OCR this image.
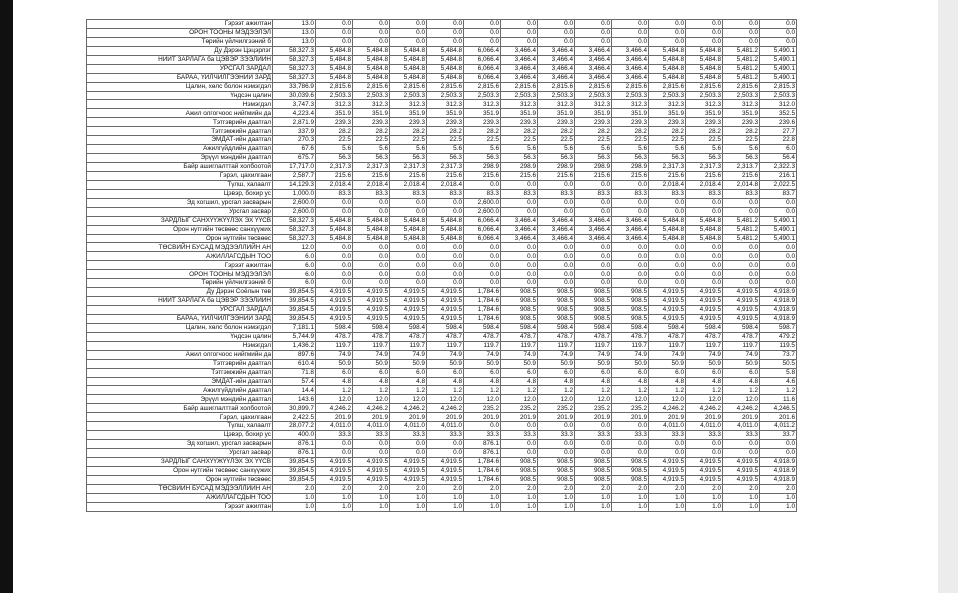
Гэрээт ажилтан	13.0	0.0	0.0	0.0	0.0	0.0	0.0	0.0	0.0	0.0	0.0	0.0	0.0	0.0
ОРОН ТООНЫ МЭДЭЭЛЭЛ	13.0	0.0	0.0	0.0	0.0	0.0	0.0	0.0	0.0	0.0	0.0	0.0	0.0	0.0
Төрийн үйлчилгээний б	13.0	0.0	0.0	0.0	0.0	0.0	0.0	0.0	0.0	0.0	0.0	0.0	0.0	0.0
Ду Дэрэн Цэцэрлэг	58,327.3	5,484.8	5,484.8	5,484.8	5,484.8	6,066.4	3,466.4	3,466.4	3,466.4	3,466.4	5,484.8	5,484.8	5,481.2	5,490.1
НИЙТ ЗАРЛАГА ба ЦЭВЭР ЗЭЭЛИЙН	58,327.3	5,484.8	5,484.8	5,484.8	5,484.8	6,066.4	3,466.4	3,466.4	3,466.4	3,466.4	5,484.8	5,484.8	5,481.2	5,490.1
УРСГАЛ ЗАРДАЛ	58,327.3	5,484.8	5,484.8	5,484.8	5,484.8	6,066.4	3,466.4	3,466.4	3,466.4	3,466.4	5,484.8	5,484.8	5,481.2	5,490.1
БАРАА, ҮЙЛЧИЛГЭЭНИЙ ЗАРД	58,327.3	5,484.8	5,484.8	5,484.8	5,484.8	6,066.4	3,466.4	3,466.4	3,466.4	3,466.4	5,484.8	5,484.8	5,481.2	5,490.1
Цалин, хөлс болон нэмэгдэл	33,786.9	2,815.6	2,815.6	2,815.6	2,815.6	2,815.6	2,815.6	2,815.6	2,815.6	2,815.6	2,815.6	2,815.6	2,815.6	2,815.3
Үндсэн цалин	30,039.6	2,503.3	2,503.3	2,503.3	2,503.3	2,503.3	2,503.3	2,503.3	2,503.3	2,503.3	2,503.3	2,503.3	2,503.3	2,503.3
Нэмэгдэл	3,747.3	312.3	312.3	312.3	312.3	312.3	312.3	312.3	312.3	312.3	312.3	312.3	312.3	312.0
Ажил олгогчоос нийгмийн да	4,223.4	351.9	351.9	351.9	351.9	351.9	351.9	351.9	351.9	351.9	351.9	351.9	351.9	352.5
Тэтгэврийн даатгал	2,871.9	239.3	239.3	239.3	239.3	239.3	239.3	239.3	239.3	239.3	239.3	239.3	239.3	239.6
Тэтгэмжийн даатгал	337.9	28.2	28.2	28.2	28.2	28.2	28.2	28.2	28.2	28.2	28.2	28.2	28.2	27.7
ЭМДАТ-ийн даатгал	270.3	22.5	22.5	22.5	22.5	22.5	22.5	22.5	22.5	22.5	22.5	22.5	22.5	22.8
Ажилгүйдлийн даатгал	67.6	5.6	5.6	5.6	5.6	5.6	5.6	5.6	5.6	5.6	5.6	5.6	5.6	6.0
Эрүүл мэндийн даатгал	675.7	56.3	56.3	56.3	56.3	56.3	56.3	56.3	56.3	56.3	56.3	56.3	56.3	56.4
Байр ашиглалттай холбоотой	17,717.0	2,317.3	2,317.3	2,317.3	2,317.3	298.9	298.9	298.9	298.9	298.9	2,317.3	2,317.3	2,313.7	2,322.3
Гэрэл, цахилгаан	2,587.7	215.6	215.6	215.6	215.6	215.6	215.6	215.6	215.6	215.6	215.6	215.6	215.6	216.1
Түлш, халаалт	14,129.3	2,018.4	2,018.4	2,018.4	2,018.4	0.0	0.0	0.0	0.0	0.0	2,018.4	2,018.4	2,014.8	2,022.5
Цэвэр, бохир ус	1,000.0	83.3	83.3	83.3	83.3	83.3	83.3	83.3	83.3	83.3	83.3	83.3	83.3	83.7
Эд хогшил, урсгал засварын	2,600.0	0.0	0.0	0.0	0.0	2,600.0	0.0	0.0	0.0	0.0	0.0	0.0	0.0	0.0
Урсгал засвар	2,600.0	0.0	0.0	0.0	0.0	2,600.0	0.0	0.0	0.0	0.0	0.0	0.0	0.0	0.0
ЗАРДЛЫГ САНХҮҮЖҮҮЛЭХ ЭХ ҮҮСВ	58,327.3	5,484.8	5,484.8	5,484.8	5,484.8	6,066.4	3,466.4	3,466.4	3,466.4	3,466.4	5,484.8	5,484.8	5,481.2	5,490.1
Орон нутгийн төсвөөс санхүүжих	58,327.3	5,484.8	5,484.8	5,484.8	5,484.8	6,066.4	3,466.4	3,466.4	3,466.4	3,466.4	5,484.8	5,484.8	5,481.2	5,490.1
Орон нутгийн төсвөөс	58,327.3	5,484.8	5,484.8	5,484.8	5,484.8	6,066.4	3,466.4	3,466.4	3,466.4	3,466.4	5,484.8	5,484.8	5,481.2	5,490.1
ТӨСВИЙН БУСАД МЭДЭЭЛЛИЙН АН	12.0	0.0	0.0	0.0	0.0	0.0	0.0	0.0	0.0	0.0	0.0	0.0	0.0	0.0
АЖИЛЛАГСДЫН ТОО	6.0	0.0	0.0	0.0	0.0	0.0	0.0	0.0	0.0	0.0	0.0	0.0	0.0	0.0
Гэрээт ажилтан	6.0	0.0	0.0	0.0	0.0	0.0	0.0	0.0	0.0	0.0	0.0	0.0	0.0	0.0
ОРОН ТООНЫ МЭДЭЭЛЭЛ	6.0	0.0	0.0	0.0	0.0	0.0	0.0	0.0	0.0	0.0	0.0	0.0	0.0	0.0
Төрийн үйлчилгээний б	6.0	0.0	0.0	0.0	0.0	0.0	0.0	0.0	0.0	0.0	0.0	0.0	0.0	0.0
Ду Дэрэн Соёлын төв	39,854.5	4,919.5	4,919.5	4,919.5	4,919.5	1,784.6	908.5	908.5	908.5	908.5	4,919.5	4,919.5	4,919.5	4,918.9
НИЙТ ЗАРЛАГА ба ЦЭВЭР ЗЭЭЛИЙН	39,854.5	4,919.5	4,919.5	4,919.5	4,919.5	1,784.6	908.5	908.5	908.5	908.5	4,919.5	4,919.5	4,919.5	4,918.9
УРСГАЛ ЗАРДАЛ	39,854.5	4,919.5	4,919.5	4,919.5	4,919.5	1,784.6	908.5	908.5	908.5	908.5	4,919.5	4,919.5	4,919.5	4,918.9
БАРАА, ҮЙЛЧИЛГЭЭНИЙ ЗАРД	39,854.5	4,919.5	4,919.5	4,919.5	4,919.5	1,784.6	908.5	908.5	908.5	908.5	4,919.5	4,919.5	4,919.5	4,918.9
Цалин, хөлс болон нэмэгдэл	7,181.1	598.4	598.4	598.4	598.4	598.4	598.4	598.4	598.4	598.4	598.4	598.4	598.4	598.7
Үндсэн цалин	5,744.9	478.7	478.7	478.7	478.7	478.7	478.7	478.7	478.7	478.7	478.7	478.7	478.7	479.2
Нэмэгдэл	1,436.2	119.7	119.7	119.7	119.7	119.7	119.7	119.7	119.7	119.7	119.7	119.7	119.7	119.5
Ажил олгогчоос нийгмийн да	897.6	74.9	74.9	74.9	74.9	74.9	74.9	74.9	74.9	74.9	74.9	74.9	74.9	73.7
Тэтгэврийн даатгал	610.4	50.9	50.9	50.9	50.9	50.9	50.9	50.9	50.9	50.9	50.9	50.9	50.9	50.5
Тэтгэмжийн даатгал	71.8	6.0	6.0	6.0	6.0	6.0	6.0	6.0	6.0	6.0	6.0	6.0	6.0	5.8
ЭМДАТ-ийн даатгал	57.4	4.8	4.8	4.8	4.8	4.8	4.8	4.8	4.8	4.8	4.8	4.8	4.8	4.6
Ажилгүйдлийн даатгал	14.4	1.2	1.2	1.2	1.2	1.2	1.2	1.2	1.2	1.2	1.2	1.2	1.2	1.2
Эрүүл мэндийн даатгал	143.6	12.0	12.0	12.0	12.0	12.0	12.0	12.0	12.0	12.0	12.0	12.0	12.0	11.6
Байр ашиглалттай холбоотой	30,899.7	4,246.2	4,246.2	4,246.2	4,246.2	235.2	235.2	235.2	235.2	235.2	4,246.2	4,246.2	4,246.2	4,246.5
Гэрэл, цахилгаан	2,422.5	201.9	201.9	201.9	201.9	201.9	201.9	201.9	201.9	201.9	201.9	201.9	201.9	201.6
Түлш, халаалт	28,077.2	4,011.0	4,011.0	4,011.0	4,011.0	0.0	0.0	0.0	0.0	0.0	4,011.0	4,011.0	4,011.0	4,011.2
Цэвэр, бохир ус	400.0	33.3	33.3	33.3	33.3	33.3	33.3	33.3	33.3	33.3	33.3	33.3	33.3	33.7
Эд хогшил, урсгал засварын	876.1	0.0	0.0	0.0	0.0	876.1	0.0	0.0	0.0	0.0	0.0	0.0	0.0	0.0
Урсгал засвар	876.1	0.0	0.0	0.0	0.0	876.1	0.0	0.0	0.0	0.0	0.0	0.0	0.0	0.0
ЗАРДЛЫГ САНХҮҮЖҮҮЛЭХ ЭХ ҮҮСВ	39,854.5	4,919.5	4,919.5	4,919.5	4,919.5	1,784.6	908.5	908.5	908.5	908.5	4,919.5	4,919.5	4,919.5	4,918.9
Орон нутгийн төсвөөс санхүүжих	39,854.5	4,919.5	4,919.5	4,919.5	4,919.5	1,784.6	908.5	908.5	908.5	908.5	4,919.5	4,919.5	4,919.5	4,918.9
Орон нутгийн төсвөөс	39,854.5	4,919.5	4,919.5	4,919.5	4,919.5	1,784.6	908.5	908.5	908.5	908.5	4,919.5	4,919.5	4,919.5	4,918.9
ТӨСВИЙН БУСАД МЭДЭЭЛЛИЙН АН	2.0	2.0	2.0	2.0	2.0	2.0	2.0	2.0	2.0	2.0	2.0	2.0	2.0	2.0
АЖИЛЛАГСДЫН ТОО	1.0	1.0	1.0	1.0	1.0	1.0	1.0	1.0	1.0	1.0	1.0	1.0	1.0	1.0
Гэрээт ажилтан	1.0	1.0	1.0	1.0	1.0	1.0	1.0	1.0	1.0	1.0	1.0	1.0	1.0	1.0
